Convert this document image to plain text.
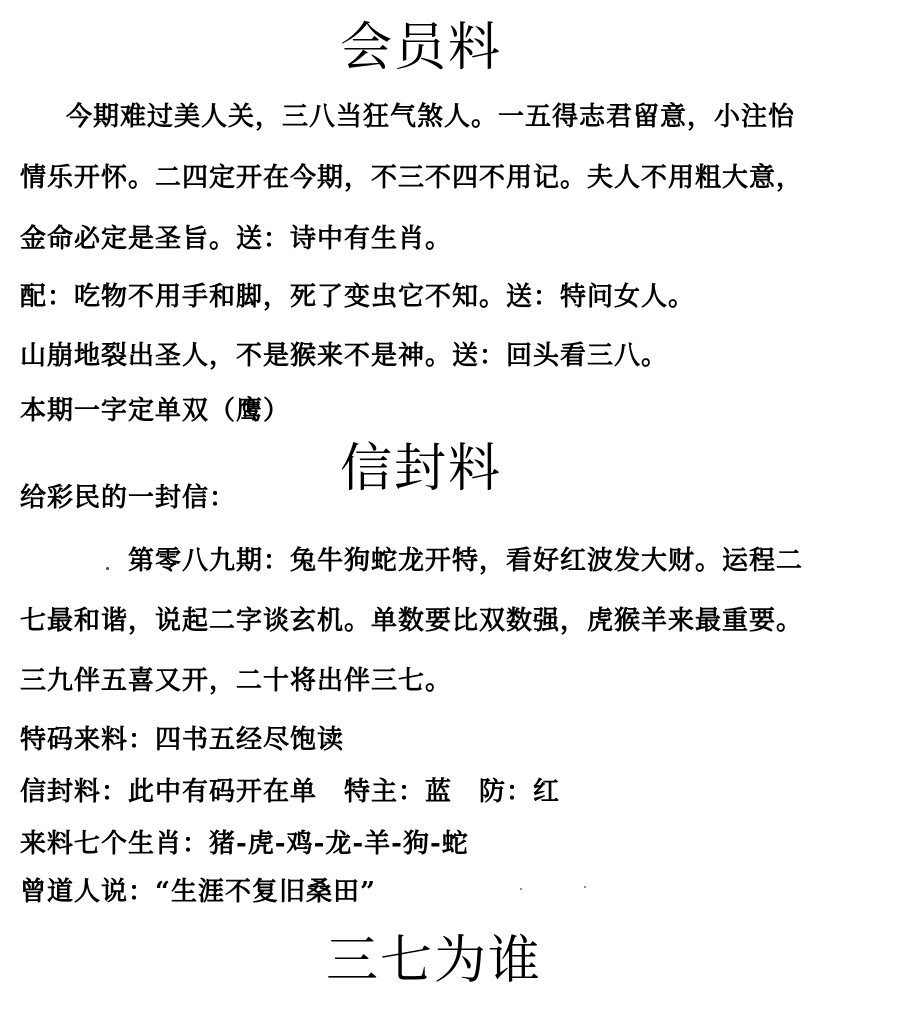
会员料

今期难过美人关，三八当狂气煞人。一五得志君留意，小注怡

情乐开怀。二四定开在今期，不三不四不用记。夫人不用粗大意，

金命必定是圣旨。送：诗中有生肖。

配：吃物不用手和脚，死了变虫它不知。送：特问女人。

山崩地裂出圣人，不是猴来不是神。送：回头看三八。

本期一字定单双（鹰）

信封料

给彩民的一封信：

第零八九期：兔牛狗蛇龙开特，看好红波发大财。运程二

七最和谐，说起二字谈玄机。单数要比双数强，虎猴羊来最重要。

三九伴五喜又开，二十将出伴三七。

特码来料：四书五经尽饱读

信封料：此中有码开在单　特主：蓝　防：红

来料七个生肖：猪-虎-鸡-龙-羊-狗-蛇

曾道人说：“生涯不复旧桑田”

三七为谁
